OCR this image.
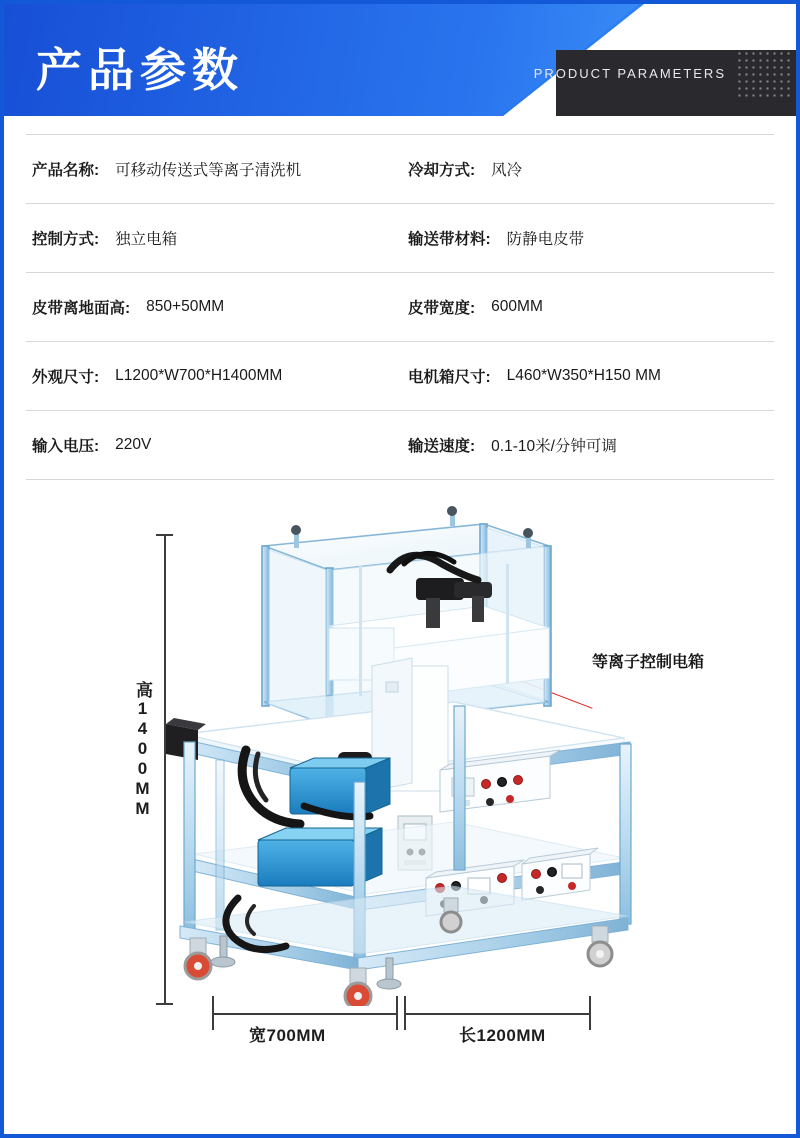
产品参数	PRODUCT PARAMETERS
产品名称:	可移动传送式等离子清洗机	冷却方式:	风冷
控制方式:	独立电箱	输送带材料:	防静电皮带
皮带离地面高:	850+50MM	皮带宽度:	600MM
外观尺寸:	L1200*W700*H1400MM	电机箱尺寸:	L460*W350*H150 MM
输入电压:	220V	输送速度:	0.1-10米/分钟可调
高1400MM
宽700MM	长1200MM
等离子控制电箱
